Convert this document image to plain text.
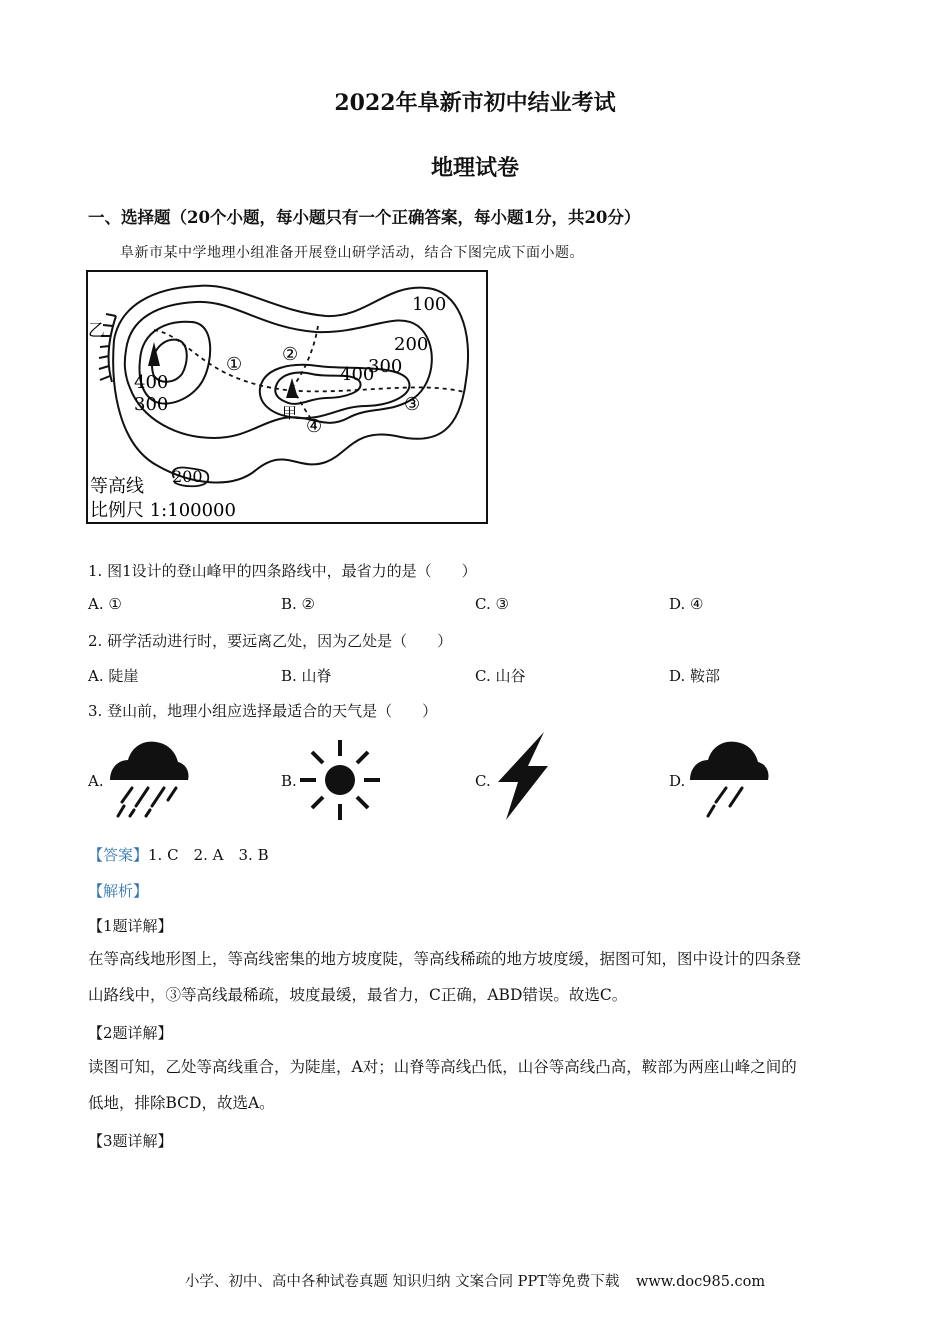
2022年阜新市初中结业考试
地理试卷
一、选择题（20个小题，每小题只有一个正确答案，每小题1分，共20分）
阜新市某中学地理小组准备开展登山研学活动，结合下图完成下面小题。
100
200
300
400
400
300
① ②
③
④
甲
乙
等高线 200
比例尺 1:100000
1. 图1设计的登山峰甲的四条路线中，最省力的是（　　）
A. ①	B. ②	C. ③	D. ④
2. 研学活动进行时，要远离乙处，因为乙处是（　　）
A. 陡崖	B. 山脊	C. 山谷	D. 鞍部
3. 登山前，地理小组应选择最适合的天气是（　　）
A.	B.	C.	D.
【答案】1. C　2. A　3. B
【解析】
【1题详解】
在等高线地形图上，等高线密集的地方坡度陡，等高线稀疏的地方坡度缓，据图可知，图中设计的四条登
山路线中，③等高线最稀疏，坡度最缓，最省力，C正确，ABD错误。故选C。
【2题详解】
读图可知，乙处等高线重合，为陡崖，A对；山脊等高线凸低，山谷等高线凸高，鞍部为两座山峰之间的
低地，排除BCD，故选A。
【3题详解】
小学、初中、高中各种试卷真题 知识归纳 文案合同 PPT等免费下载 www.doc985.com
